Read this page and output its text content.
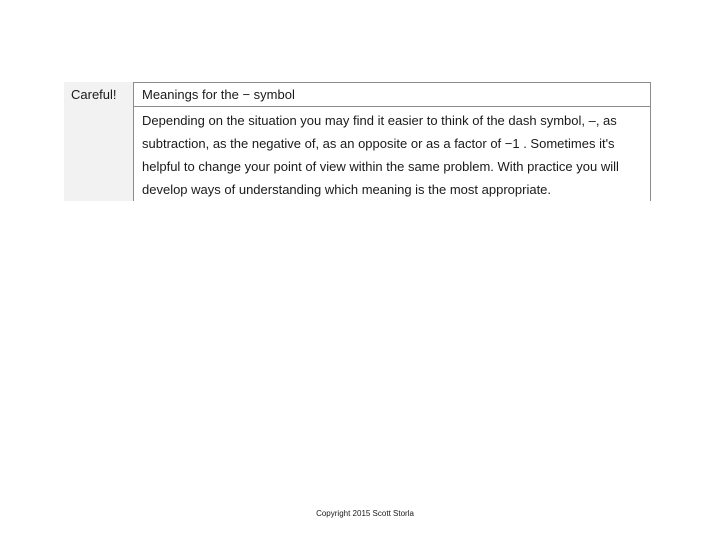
Careful! Meanings for the − symbol
Depending on the situation you may find it easier to think of the dash symbol, –, as
subtraction, as the negative of, as an opposite or as a factor of −1 . Sometimes it's
helpful to change your point of view within the same problem. With practice you will
develop ways of understanding which meaning is the most appropriate.
Copyright 2015 Scott Storla
